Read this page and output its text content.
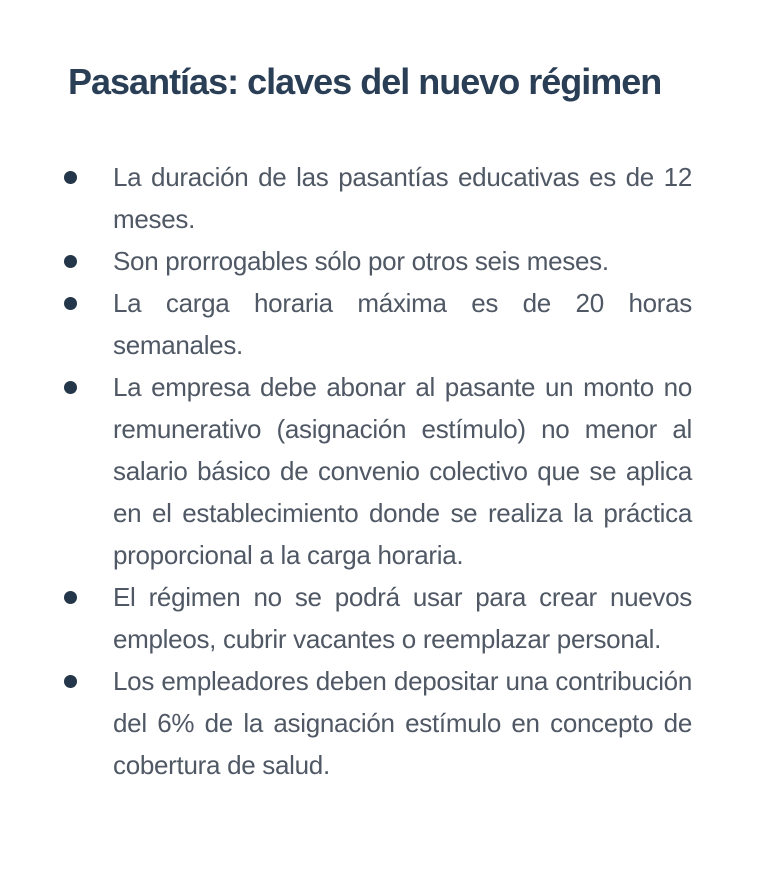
Pasantías: claves del nuevo régimen
La duración de las pasantías educativas es de 12 meses.
Son prorrogables sólo por otros seis meses.
La carga horaria máxima es de 20 horas semanales.
La empresa debe abonar al pasante un monto no remunerativo (asignación estímulo) no menor al salario básico de convenio colectivo que se aplica en el establecimiento donde se realiza la práctica proporcional a la carga horaria.
El régimen no se podrá usar para crear nuevos empleos, cubrir vacantes o reemplazar personal.
Los empleadores deben depositar una contribución del 6% de la asignación estímulo en concepto de cobertura de salud.
